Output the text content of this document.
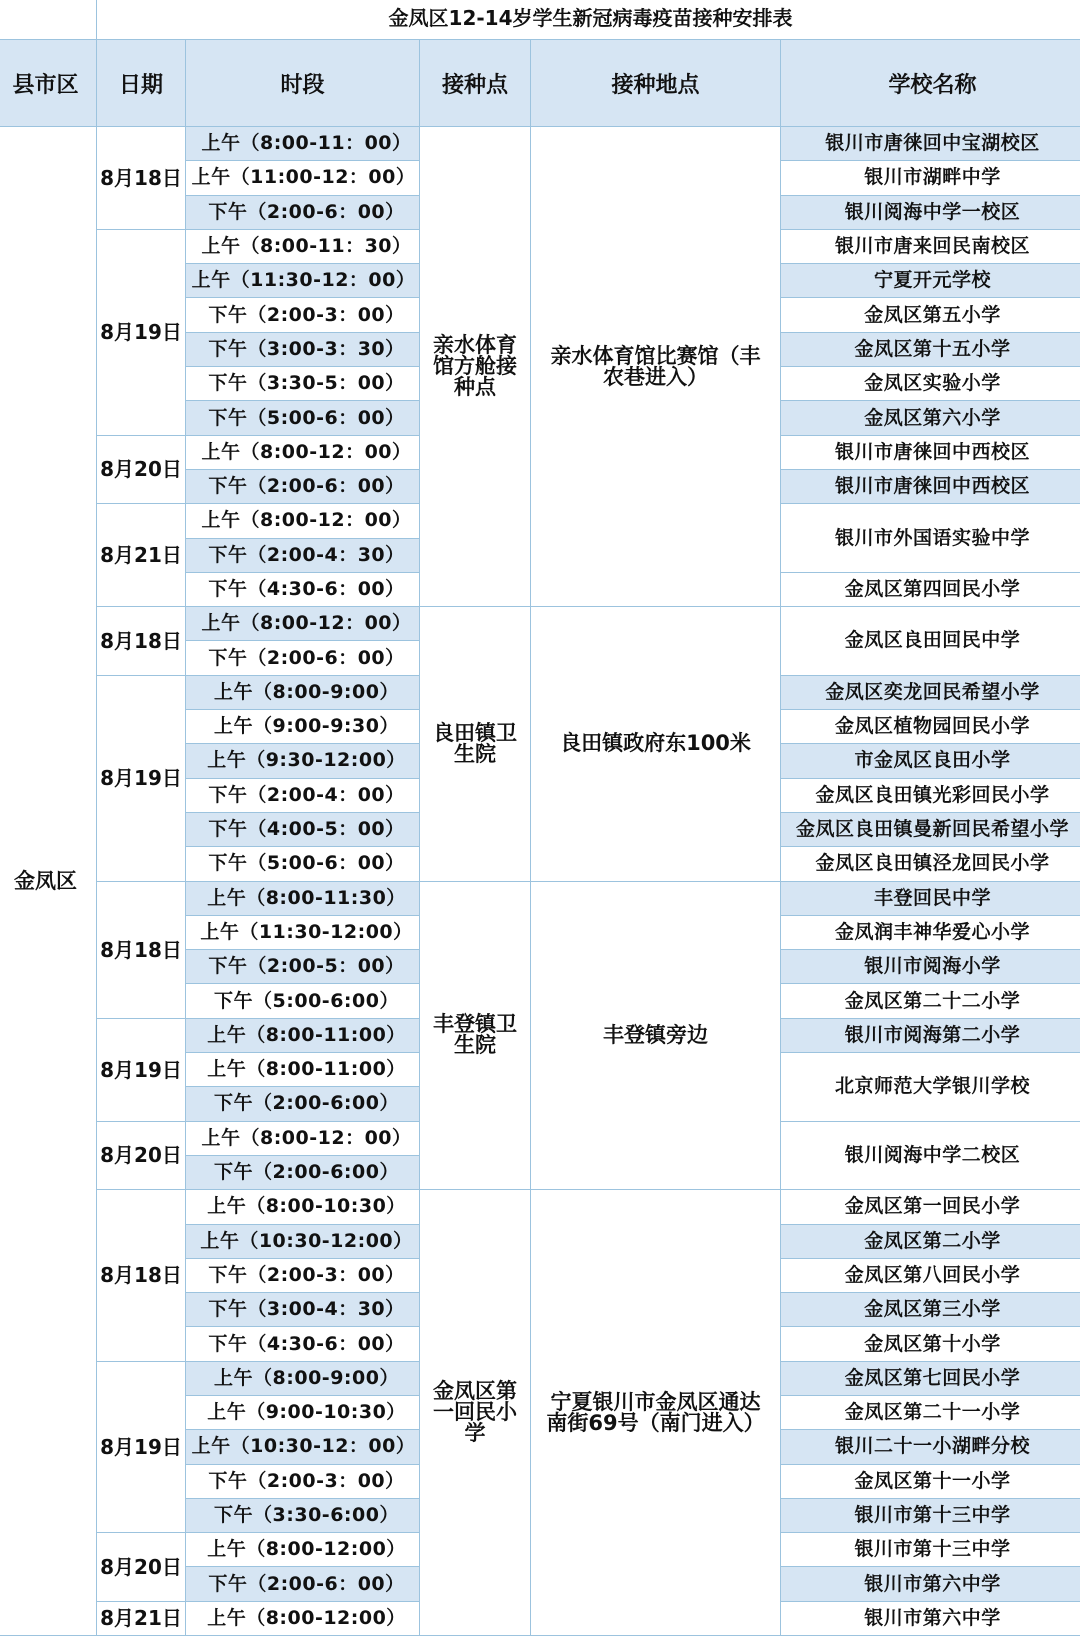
	金凤区12-14岁学生新冠病毒疫苗接种安排表				
县市区	日期	时段	接种点	接种地点	学校名称
金凤区	8月18日	上午（8:00-11：00）	亲水体育馆方舱接种点	亲水体育馆比赛馆（丰农巷进入）	银川市唐徕回中宝湖校区
		上午（11:00-12：00）			银川市湖畔中学
		下午（2:00-6：00）			银川阅海中学一校区
	8月19日	上午（8:00-11：30）			银川市唐来回民南校区
		上午（11:30-12：00）			宁夏开元学校
		下午（2:00-3：00）			金凤区第五小学
		下午（3:00-3：30）			金凤区第十五小学
		下午（3:30-5：00）			金凤区实验小学
		下午（5:00-6：00）			金凤区第六小学
	8月20日	上午（8:00-12：00）			银川市唐徕回中西校区
		下午（2:00-6：00）			银川市唐徕回中西校区
	8月21日	上午（8:00-12：00）			银川市外国语实验中学
		下午（2:00-4：30）			
		下午（4:30-6：00）			金凤区第四回民小学
	8月18日	上午（8:00-12：00）	良田镇卫生院	良田镇政府东100米	金凤区良田回民中学
		下午（2:00-6：00）			
	8月19日	上午（8:00-9:00）			金凤区奕龙回民希望小学
		上午（9:00-9:30）			金凤区植物园回民小学
		上午（9:30-12:00）			市金凤区良田小学
		下午（2:00-4：00）			金凤区良田镇光彩回民小学
		下午（4:00-5：00）			金凤区良田镇曼新回民希望小学
		下午（5:00-6：00）			金凤区良田镇泾龙回民小学
	8月18日	上午（8:00-11:30）	丰登镇卫生院	丰登镇旁边	丰登回民中学
		上午（11:30-12:00）			金凤润丰神华爱心小学
		下午（2:00-5：00）			银川市阅海小学
		下午（5:00-6:00）			金凤区第二十二小学
	8月19日	上午（8:00-11:00）			银川市阅海第二小学
		上午（8:00-11:00）			北京师范大学银川学校
		下午（2:00-6:00）			
	8月20日	上午（8:00-12：00）			银川阅海中学二校区
		下午（2:00-6:00）			
	8月18日	上午（8:00-10:30）	金凤区第一回民小学	宁夏银川市金凤区通达南街69号（南门进入）	金凤区第一回民小学
		上午（10:30-12:00）			金凤区第二小学
		下午（2:00-3：00）			金凤区第八回民小学
		下午（3:00-4：30）			金凤区第三小学
		下午（4:30-6：00）			金凤区第十小学
	8月19日	上午（8:00-9:00）			金凤区第七回民小学
		上午（9:00-10:30）			金凤区第二十一小学
		上午（10:30-12：00）			银川二十一小湖畔分校
		下午（2:00-3：00）			金凤区第十一小学
		下午（3:30-6:00）			银川市第十三中学
	8月20日	上午（8:00-12:00）			银川市第十三中学
		下午（2:00-6：00）			银川市第六中学
	8月21日	上午（8:00-12:00）			银川市第六中学
